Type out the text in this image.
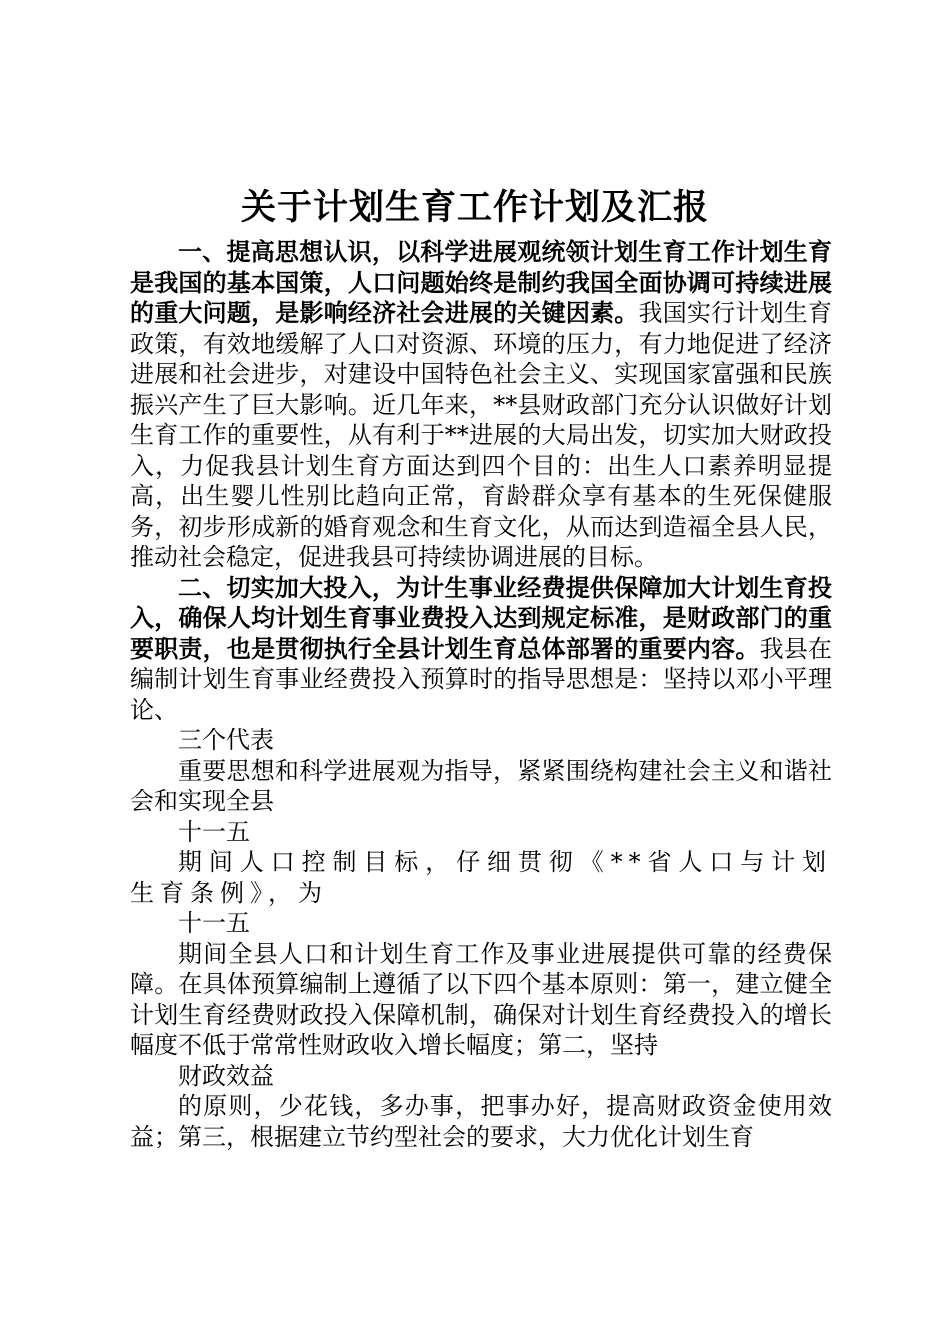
关于计划生育工作计划及汇报

一、提高思想认识，以科学进展观统领计划生育工作计划生育是我国的基本国策，人口问题始终是制约我国全面协调可持续进展的重大问题，是影响经济社会进展的关键因素。我国实行计划生育政策，有效地缓解了人口对资源、环境的压力，有力地促进了经济进展和社会进步，对建设中国特色社会主义、实现国家富强和民族振兴产生了巨大影响。近几年来，**县财政部门充分认识做好计划生育工作的重要性，从有利于**进展的大局出发，切实加大财政投入，力促我县计划生育方面达到四个目的：出生人口素养明显提高，出生婴儿性别比趋向正常，育龄群众享有基本的生死保健服务，初步形成新的婚育观念和生育文化，从而达到造福全县人民，推动社会稳定，促进我县可持续协调进展的目标。

二、切实加大投入，为计生事业经费提供保障加大计划生育投入，确保人均计划生育事业费投入达到规定标准，是财政部门的重要职责，也是贯彻执行全县计划生育总体部署的重要内容。我县在编制计划生育事业经费投入预算时的指导思想是：坚持以邓小平理论、

三个代表

重要思想和科学进展观为指导，紧紧围绕构建社会主义和谐社会和实现全县

十一五

期间人口控制目标，仔细贯彻《**省人口与计划生育条例》，为

十一五

期间全县人口和计划生育工作及事业进展提供可靠的经费保障。在具体预算编制上遵循了以下四个基本原则：第一，建立健全计划生育经费财政投入保障机制，确保对计划生育经费投入的增长幅度不低于常常性财政收入增长幅度；第二，坚持

财政效益

的原则，少花钱，多办事，把事办好，提高财政资金使用效益；第三，根据建立节约型社会的要求，大力优化计划生育
